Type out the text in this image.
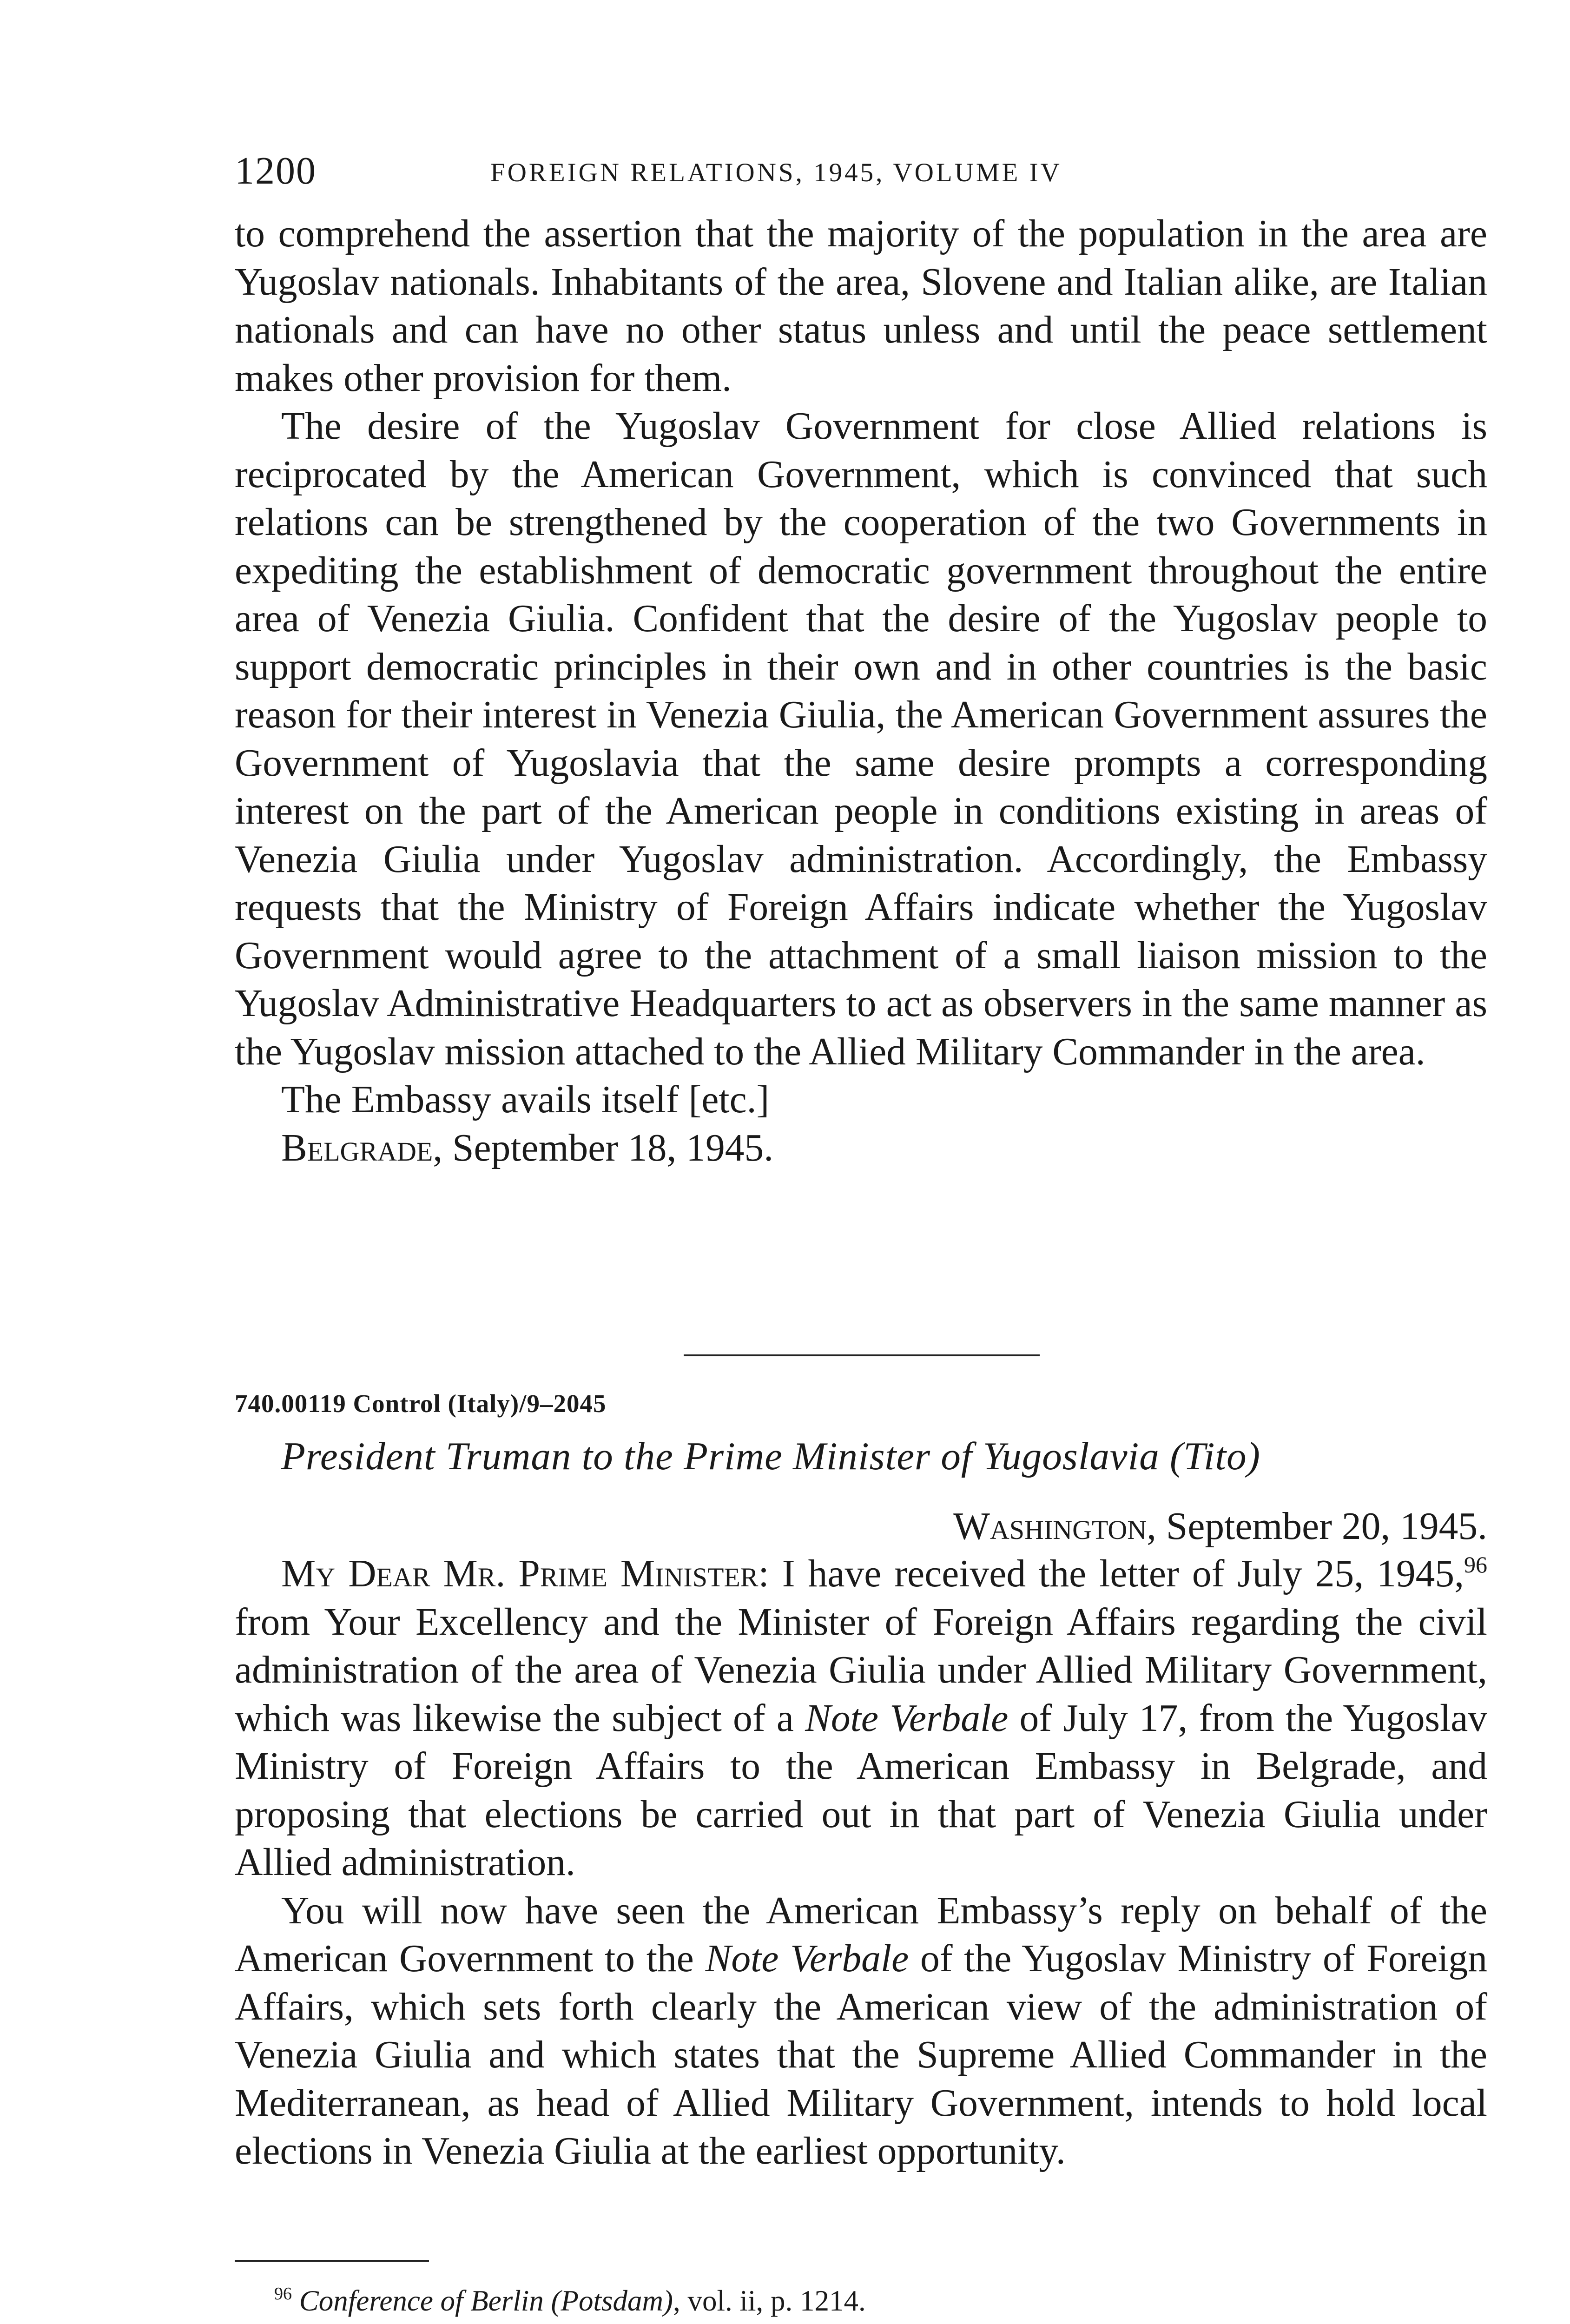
1200	FOREIGN RELATIONS, 1945, VOLUME IV

to comprehend the assertion that the majority of the population in the area are Yugoslav nationals. Inhabitants of the area, Slovene and Italian alike, are Italian nationals and can have no other status unless and until the peace settlement makes other provision for them.

The desire of the Yugoslav Government for close Allied relations is reciprocated by the American Government, which is convinced that such relations can be strengthened by the cooperation of the two Governments in expediting the establishment of democratic government throughout the entire area of Venezia Giulia. Confident that the desire of the Yugoslav people to support democratic principles in their own and in other countries is the basic reason for their interest in Venezia Giulia, the American Government assures the Government of Yugoslavia that the same desire prompts a corresponding interest on the part of the American people in conditions existing in areas of Venezia Giulia under Yugoslav administration. Accordingly, the Embassy requests that the Ministry of Foreign Affairs indicate whether the Yugoslav Government would agree to the attachment of a small liaison mission to the Yugoslav Administrative Headquarters to act as observers in the same manner as the Yugoslav mission attached to the Allied Military Commander in the area.

The Embassy avails itself [etc.]

Belgrade, September 18, 1945.

740.00119 Control (Italy)/9–2045
President Truman to the Prime Minister of Yugoslavia (Tito)
Washington, September 20, 1945.

My Dear Mr. Prime Minister: I have received the letter of July 25, 1945,96 from Your Excellency and the Minister of Foreign Affairs regarding the civil administration of the area of Venezia Giulia under Allied Military Government, which was likewise the subject of a Note Verbale of July 17, from the Yugoslav Ministry of Foreign Affairs to the American Embassy in Belgrade, and proposing that elections be carried out in that part of Venezia Giulia under Allied administration.

You will now have seen the American Embassy’s reply on behalf of the American Government to the Note Verbale of the Yugoslav Ministry of Foreign Affairs, which sets forth clearly the American view of the administration of Venezia Giulia and which states that the Supreme Allied Commander in the Mediterranean, as head of Allied Military Government, intends to hold local elections in Venezia Giulia at the earliest opportunity.

$^{96}$ Conference of Berlin (Potsdam), vol. ii, p. 1214.
